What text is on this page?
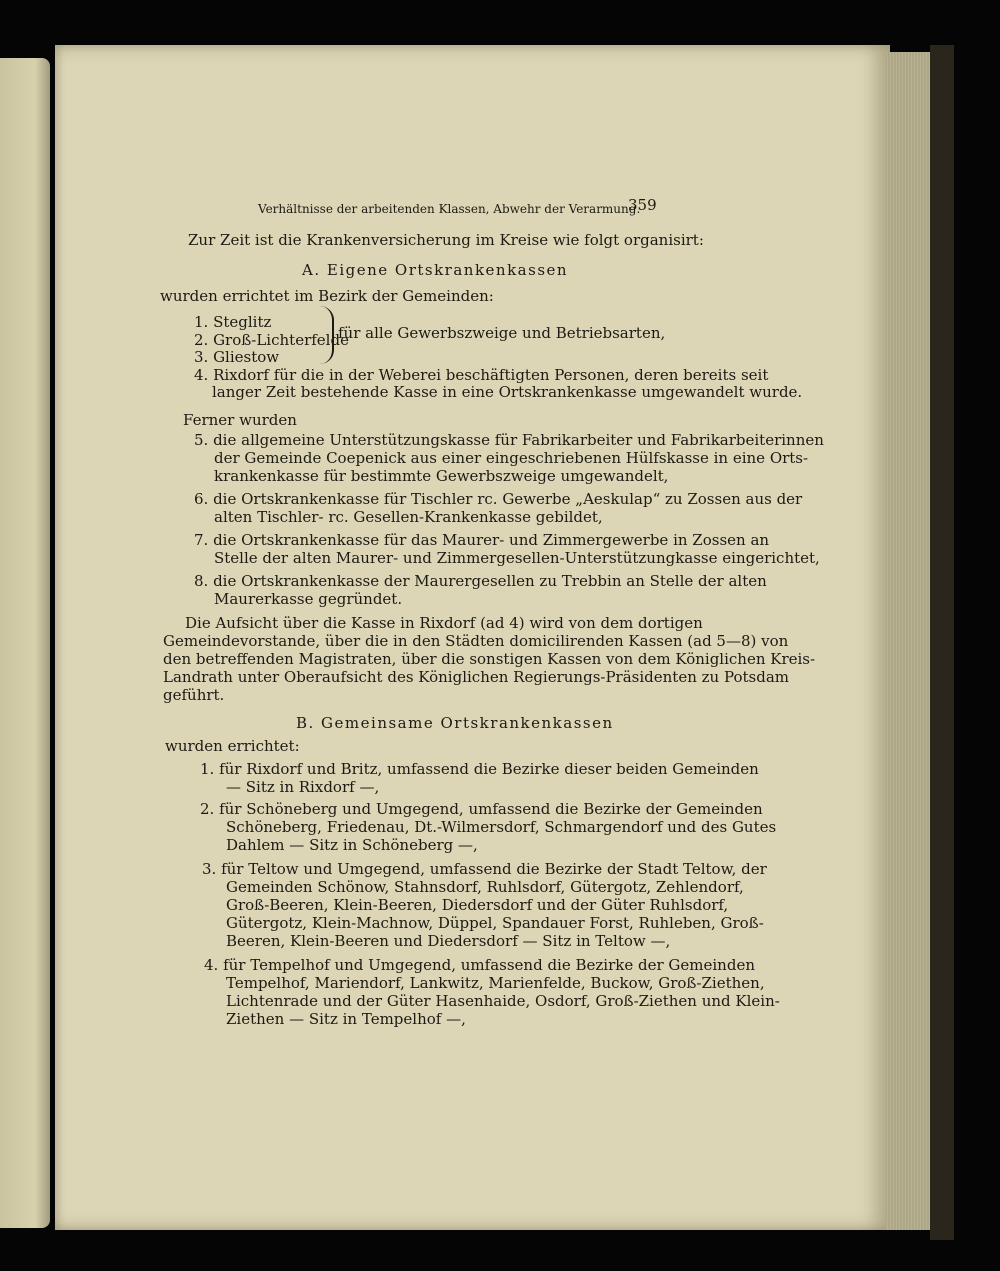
Verhältnisse der arbeitenden Klassen, Abwehr der Verarmung.
359
Zur Zeit ist die Krankenversicherung im Kreise wie folgt organisirt:
A. Eigene Ortskrankenkassen
wurden errichtet im Bezirk der Gemeinden:
1. Steglitz
2. Groß-Lichterfelde
für alle Gewerbszweige und Betriebsarten,
3. Gliestow
4. Rixdorf für die in der Weberei beschäftigten Personen, deren bereits seit
langer Zeit bestehende Kasse in eine Ortskrankenkasse umgewandelt wurde.
Ferner wurden
5. die allgemeine Unterstützungskasse für Fabrikarbeiter und Fabrikarbeiterinnen
der Gemeinde Coepenick aus einer eingeschriebenen Hülfskasse in eine Orts-
krankenkasse für bestimmte Gewerbszweige umgewandelt,
6. die Ortskrankenkasse für Tischler rc. Gewerbe „Aeskulap“ zu Zossen aus der
alten Tischler- rc. Gesellen-Krankenkasse gebildet,
7. die Ortskrankenkasse für das Maurer- und Zimmergewerbe in Zossen an
Stelle der alten Maurer- und Zimmergesellen-Unterstützungkasse eingerichtet,
8. die Ortskrankenkasse der Maurergesellen zu Trebbin an Stelle der alten
Maurerkasse gegründet.
Die Aufsicht über die Kasse in Rixdorf (ad 4) wird von dem dortigen
Gemeindevorstande, über die in den Städten domicilirenden Kassen (ad 5—8) von
den betreffenden Magistraten, über die sonstigen Kassen von dem Königlichen Kreis-
Landrath unter Oberaufsicht des Königlichen Regierungs-Präsidenten zu Potsdam
geführt.
B. Gemeinsame Ortskrankenkassen
wurden errichtet:
1. für Rixdorf und Britz, umfassend die Bezirke dieser beiden Gemeinden
— Sitz in Rixdorf —,
2. für Schöneberg und Umgegend, umfassend die Bezirke der Gemeinden
Schöneberg, Friedenau, Dt.-Wilmersdorf, Schmargendorf und des Gutes
Dahlem — Sitz in Schöneberg —,
3. für Teltow und Umgegend, umfassend die Bezirke der Stadt Teltow, der
Gemeinden Schönow, Stahnsdorf, Ruhlsdorf, Gütergotz, Zehlendorf,
Groß-Beeren, Klein-Beeren, Diedersdorf und der Güter Ruhlsdorf,
Gütergotz, Klein-Machnow, Düppel, Spandauer Forst, Ruhleben, Groß-
Beeren, Klein-Beeren und Diedersdorf — Sitz in Teltow —,
4. für Tempelhof und Umgegend, umfassend die Bezirke der Gemeinden
Tempelhof, Mariendorf, Lankwitz, Marienfelde, Buckow, Groß-Ziethen,
Lichtenrade und der Güter Hasenhaide, Osdorf, Groß-Ziethen und Klein-
Ziethen — Sitz in Tempelhof —,
